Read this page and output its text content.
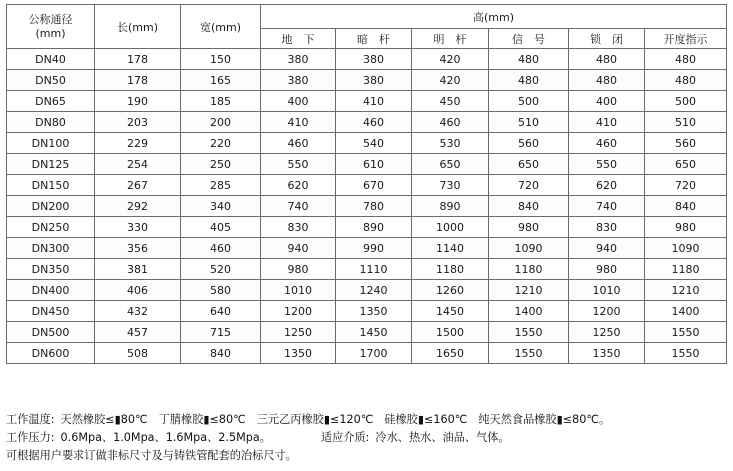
公称通径
(mm)	长(mm)	宽(mm)	高(mm)					
			地　下	暗　杆	明　杆	信　号	锁　闭	开度指示
DN40	178	150	380	380	420	480	480	480
DN50	178	165	380	380	420	480	480	480
DN65	190	185	400	410	450	500	400	500
DN80	203	200	410	460	460	510	410	510
DN100	229	220	460	540	530	560	460	560
DN125	254	250	550	610	650	650	550	650
DN150	267	285	620	670	730	720	620	720
DN200	292	340	740	780	890	840	740	840
DN250	330	405	830	890	1000	980	830	980
DN300	356	460	940	990	1140	1090	940	1090
DN350	381	520	980	1110	1180	1180	980	1180
DN400	406	580	1010	1240	1260	1210	1010	1210
DN450	432	640	1200	1350	1450	1400	1200	1400
DN500	457	715	1250	1450	1500	1550	1250	1550
DN600	508	840	1350	1700	1650	1550	1350	1550
工作温度: 天然橡胶≤▮80℃ 丁腈橡胶▮≤80℃ 三元乙丙橡胶▮≤120℃ 硅橡胶▮≤160℃ 纯天然食品橡胶▮≤80℃。
工作压力: 0.6Mpa、1.0Mpa、1.6Mpa、2.5Mpa。	适应介质: 冷水、热水、油品、气体。
可根据用户要求订做非标尺寸及与铸铁管配套的冶标尺寸。
